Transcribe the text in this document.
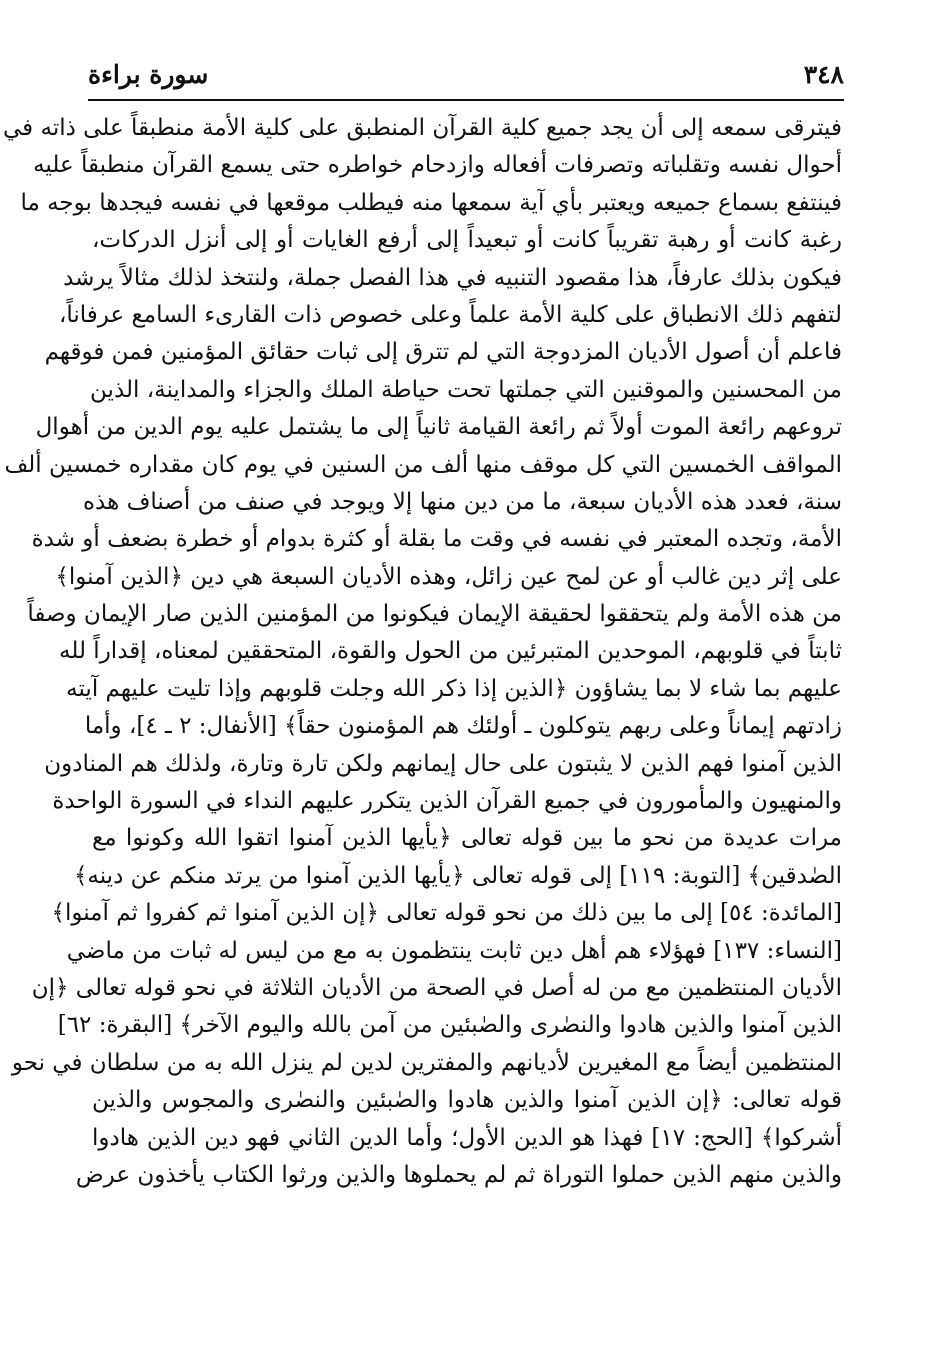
٣٤٨
سورة براءة
فيترقى سمعه إلى أن يجد جميع كلية القرآن المنطبق على كلية الأمة منطبقاً على ذاته في
أحوال نفسه وتقلباته وتصرفات أفعاله وازدحام خواطره حتى يسمع القرآن منطبقاً عليه
فينتفع بسماع جميعه ويعتبر بأي آية سمعها منه فيطلب موقعها في نفسه فيجدها بوجه ما
رغبة كانت أو رهبة تقريباً كانت أو تبعيداً إلى أرفع الغايات أو إلى أنزل الدركات،
فيكون بذلك عارفاً، هذا مقصود التنبيه في هذا الفصل جملة، ولنتخذ لذلك مثالاً يرشد
لتفهم ذلك الانطباق على كلية الأمة علماً وعلى خصوص ذات القارىء السامع عرفاناً،
فاعلم أن أصول الأديان المزدوجة التي لم تترق إلى ثبات حقائق المؤمنين فمن فوقهم
من المحسنين والموقنين التي جملتها تحت حياطة الملك والجزاء والمداينة، الذين
تروعهم رائعة الموت أولاً ثم رائعة القيامة ثانياً إلى ما يشتمل عليه يوم الدين من أهوال
المواقف الخمسين التي كل موقف منها ألف من السنين في يوم كان مقداره خمسين ألف
سنة، فعدد هذه الأديان سبعة، ما من دين منها إلا ويوجد في صنف من أصناف هذه
الأمة، وتجده المعتبر في نفسه في وقت ما بقلة أو كثرة بدوام أو خطرة بضعف أو شدة
على إثر دين غالب أو عن لمح عين زائل، وهذه الأديان السبعة هي دين ﴿الذين آمنوا﴾
من هذه الأمة ولم يتحققوا لحقيقة الإيمان فيكونوا من المؤمنين الذين صار الإيمان وصفاً
ثابتاً في قلوبهم، الموحدين المتبرئين من الحول والقوة، المتحققين لمعناه، إقداراً لله
عليهم بما شاء لا بما يشاؤون ﴿الذين إذا ذكر الله وجلت قلوبهم وإذا تليت عليهم آيته
زادتهم إيماناً وعلى ربهم يتوكلون ـ أولئك هم المؤمنون حقاً﴾ [الأنفال: ٢ ـ ٤]، وأما
الذين آمنوا فهم الذين لا يثبتون على حال إيمانهم ولكن تارة وتارة، ولذلك هم المنادون
والمنهيون والمأمورون في جميع القرآن الذين يتكرر عليهم النداء في السورة الواحدة
مرات عديدة من نحو ما بين قوله تعالى ﴿يأيها الذين آمنوا اتقوا الله وكونوا مع
الصٰدقين﴾ [التوبة: ١١٩] إلى قوله تعالى ﴿يأيها الذين آمنوا من يرتد منكم عن دينه﴾
[المائدة: ٥٤] إلى ما بين ذلك من نحو قوله تعالى ﴿إن الذين آمنوا ثم كفروا ثم آمنوا﴾
[النساء: ١٣٧] فهؤلاء هم أهل دين ثابت ينتظمون به مع من ليس له ثبات من ماضي
الأديان المنتظمين مع من له أصل في الصحة من الأديان الثلاثة في نحو قوله تعالى ﴿إن
الذين آمنوا والذين هادوا والنصٰرى والصٰبئين من آمن بالله واليوم الآخر﴾ [البقرة: ٦٢]
المنتظمين أيضاً مع المغيرين لأديانهم والمفترين لدين لم ينزل الله به من سلطان في نحو
قوله تعالى: ﴿إن الذين آمنوا والذين هادوا والصٰبئين والنصٰرى والمجوس والذين
أشركوا﴾ [الحج: ١٧] فهذا هو الدين الأول؛ وأما الدين الثاني فهو دين الذين هادوا
والذين منهم الذين حملوا التوراة ثم لم يحملوها والذين ورثوا الكتاب يأخذون عرض
